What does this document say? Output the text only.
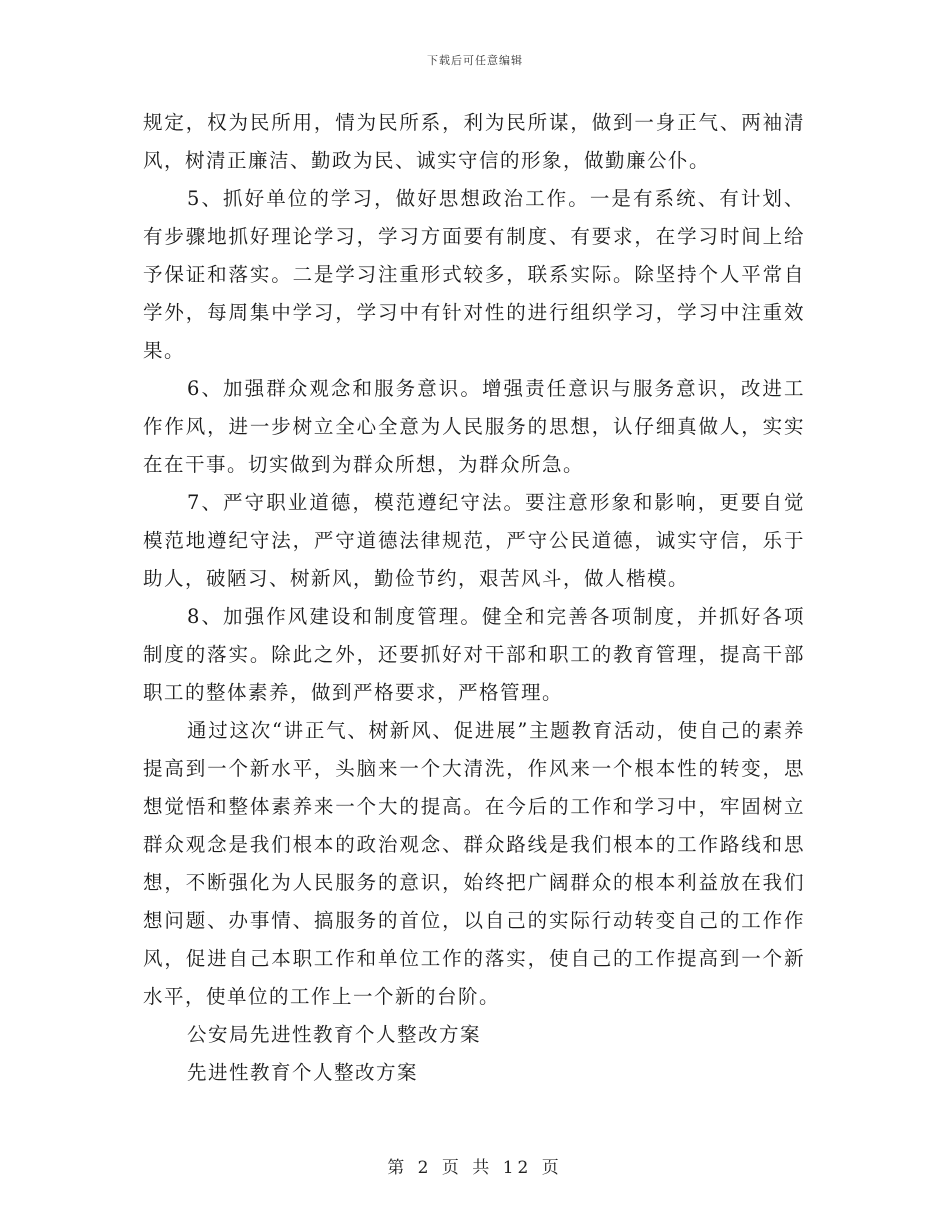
下载后可任意编辑

规定，权为民所用，情为民所系，利为民所谋，做到一身正气、两袖清风，树清正廉洁、勤政为民、诚实守信的形象，做勤廉公仆。

5、抓好单位的学习，做好思想政治工作。一是有系统、有计划、有步骤地抓好理论学习，学习方面要有制度、有要求，在学习时间上给予保证和落实。二是学习注重形式较多，联系实际。除坚持个人平常自学外，每周集中学习，学习中有针对性的进行组织学习，学习中注重效果。

6、加强群众观念和服务意识。增强责任意识与服务意识，改进工作作风，进一步树立全心全意为人民服务的思想，认仔细真做人，实实在在干事。切实做到为群众所想，为群众所急。

7、严守职业道德，模范遵纪守法。要注意形象和影响，更要自觉模范地遵纪守法，严守道德法律规范，严守公民道德，诚实守信，乐于助人，破陋习、树新风，勤俭节约，艰苦风斗，做人楷模。

8、加强作风建设和制度管理。健全和完善各项制度，并抓好各项制度的落实。除此之外，还要抓好对干部和职工的教育管理，提高干部职工的整体素养，做到严格要求，严格管理。

通过这次“讲正气、树新风、促进展”主题教育活动，使自己的素养提高到一个新水平，头脑来一个大清洗，作风来一个根本性的转变，思想觉悟和整体素养来一个大的提高。在今后的工作和学习中，牢固树立群众观念是我们根本的政治观念、群众路线是我们根本的工作路线和思想，不断强化为人民服务的意识，始终把广阔群众的根本利益放在我们想问题、办事情、搞服务的首位，以自己的实际行动转变自己的工作作风，促进自己本职工作和单位工作的落实，使自己的工作提高到一个新水平，使单位的工作上一个新的台阶。

公安局先进性教育个人整改方案

先进性教育个人整改方案

第 2 页 共 12 页
